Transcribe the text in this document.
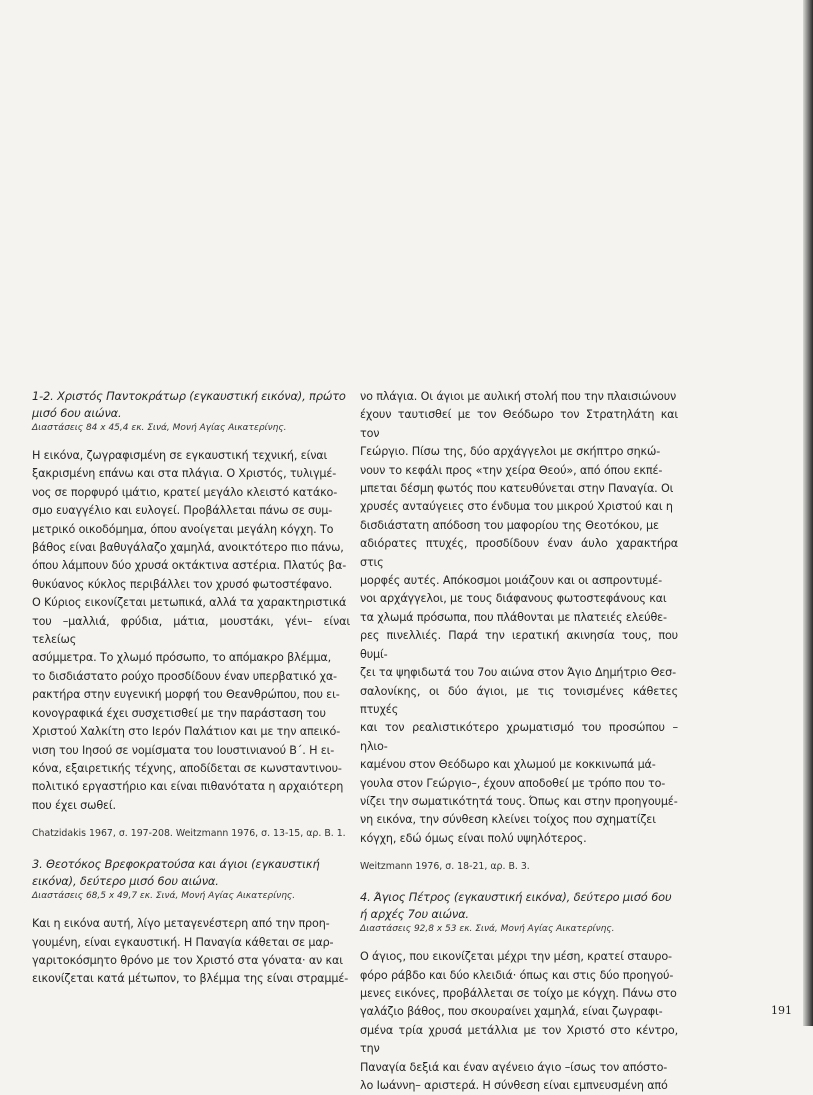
1-2. Χριστός Παντοκράτωρ (εγκαυστική εικόνα), πρώτο
μισό 6ου αιώνα.

Διαστάσεις 84 x 45,4 εκ. Σινά, Μονή Αγίας Αικατερίνης.

Η εικόνα, ζωγραφισμένη σε εγκαυστική τεχνική, είναι
ξακρισμένη επάνω και στα πλάγια. Ο Χριστός, τυλιγμέ-
νος σε πορφυρό ιμάτιο, κρατεί μεγάλο κλειστό κατάκο-
σμο ευαγγέλιο και ευλογεί. Προβάλλεται πάνω σε συμ-
μετρικό οικοδόμημα, όπου ανοίγεται μεγάλη κόγχη. Το
βάθος είναι βαθυγάλαζο χαμηλά, ανοικτότερο πιο πάνω,
όπου λάμπουν δύο χρυσά οκτάκτινα αστέρια. Πλατύς βα-
θυκύανος κύκλος περιβάλλει τον χρυσό φωτοστέφανο.
Ο Κύριος εικονίζεται μετωπικά, αλλά τα χαρακτηριστικά
του –μαλλιά, φρύδια, μάτια, μουστάκι, γένι– είναι τελείως
ασύμμετρα. Το χλωμό πρόσωπο, το απόμακρο βλέμμα,
το δισδιάστατο ρούχο προσδίδουν έναν υπερβατικό χα-
ρακτήρα στην ευγενική μορφή του Θεανθρώπου, που ει-
κονογραφικά έχει συσχετισθεί με την παράσταση του
Χριστού Χαλκίτη στο Ιερόν Παλάτιον και με την απεικό-
νιση του Ιησού σε νομίσματα του Ιουστινιανού Β΄. Η ει-
κόνα, εξαιρετικής τέχνης, αποδίδεται σε κωνσταντινου-
πολιτικό εργαστήριο και είναι πιθανότατα η αρχαιότερη
που έχει σωθεί.

Chatzidakis 1967, σ. 197-208. Weitzmann 1976, σ. 13-15, αρ. Β. 1.

3. Θεοτόκος Βρεφοκρατούσα και άγιοι (εγκαυστική
εικόνα), δεύτερο μισό 6ου αιώνα.

Διαστάσεις 68,5 x 49,7 εκ. Σινά, Μονή Αγίας Αικατερίνης.

Και η εικόνα αυτή, λίγο μεταγενέστερη από την προη-
γουμένη, είναι εγκαυστική. Η Παναγία κάθεται σε μαρ-
γαριτοκόσμητο θρόνο με τον Χριστό στα γόνατα· αν και
εικονίζεται κατά μέτωπον, το βλέμμα της είναι στραμμέ-

νο πλάγια. Οι άγιοι με αυλική στολή που την πλαισιώνουν
έχουν ταυτισθεί με τον Θεόδωρο τον Στρατηλάτη και τον
Γεώργιο. Πίσω της, δύο αρχάγγελοι με σκήπτρο σηκώ-
νουν το κεφάλι προς «την χείρα Θεού», από όπου εκπέ-
μπεται δέσμη φωτός που κατευθύνεται στην Παναγία. Οι
χρυσές ανταύγειες στο ένδυμα του μικρού Χριστού και η
δισδιάστατη απόδοση του μαφορίου της Θεοτόκου, με
αδιόρατες πτυχές, προσδίδουν έναν άυλο χαρακτήρα στις
μορφές αυτές. Απόκοσμοι μοιάζουν και οι ασπροντυμέ-
νοι αρχάγγελοι, με τους διάφανους φωτοστεφάνους και
τα χλωμά πρόσωπα, που πλάθονται με πλατειές ελεύθε-
ρες πινελλιές. Παρά την ιερατική ακινησία τους, που θυμί-
ζει τα ψηφιδωτά του 7ου αιώνα στον Άγιο Δημήτριο Θεσ-
σαλονίκης, οι δύο άγιοι, με τις τονισμένες κάθετες πτυχές
και τον ρεαλιστικότερο χρωματισμό του προσώπου –ηλιο-
καμένου στον Θεόδωρο και χλωμού με κοκκινωπά μά-
γουλα στον Γεώργιο–, έχουν αποδοθεί με τρόπο που το-
νίζει την σωματικότητά τους. Όπως και στην προηγουμέ-
νη εικόνα, την σύνθεση κλείνει τοίχος που σχηματίζει
κόγχη, εδώ όμως είναι πολύ υψηλότερος.

Weitzmann 1976, σ. 18-21, αρ. Β. 3.

4. Άγιος Πέτρος (εγκαυστική εικόνα), δεύτερο μισό 6ου
ή αρχές 7ου αιώνα.

Διαστάσεις 92,8 x 53 εκ. Σινά, Μονή Αγίας Αικατερίνης.

Ο άγιος, που εικονίζεται μέχρι την μέση, κρατεί σταυρο-
φόρο ράβδο και δύο κλειδιά· όπως και στις δύο προηγού-
μενες εικόνες, προβάλλεται σε τοίχο με κόγχη. Πάνω στο
γαλάζιο βάθος, που σκουραίνει χαμηλά, είναι ζωγραφι-
σμένα τρία χρυσά μετάλλια με τον Χριστό στο κέντρο, την
Παναγία δεξιά και έναν αγένειο άγιο –ίσως τον απόστο-
λο Ιωάννη– αριστερά. Η σύνθεση είναι εμπνευσμένη από

191
